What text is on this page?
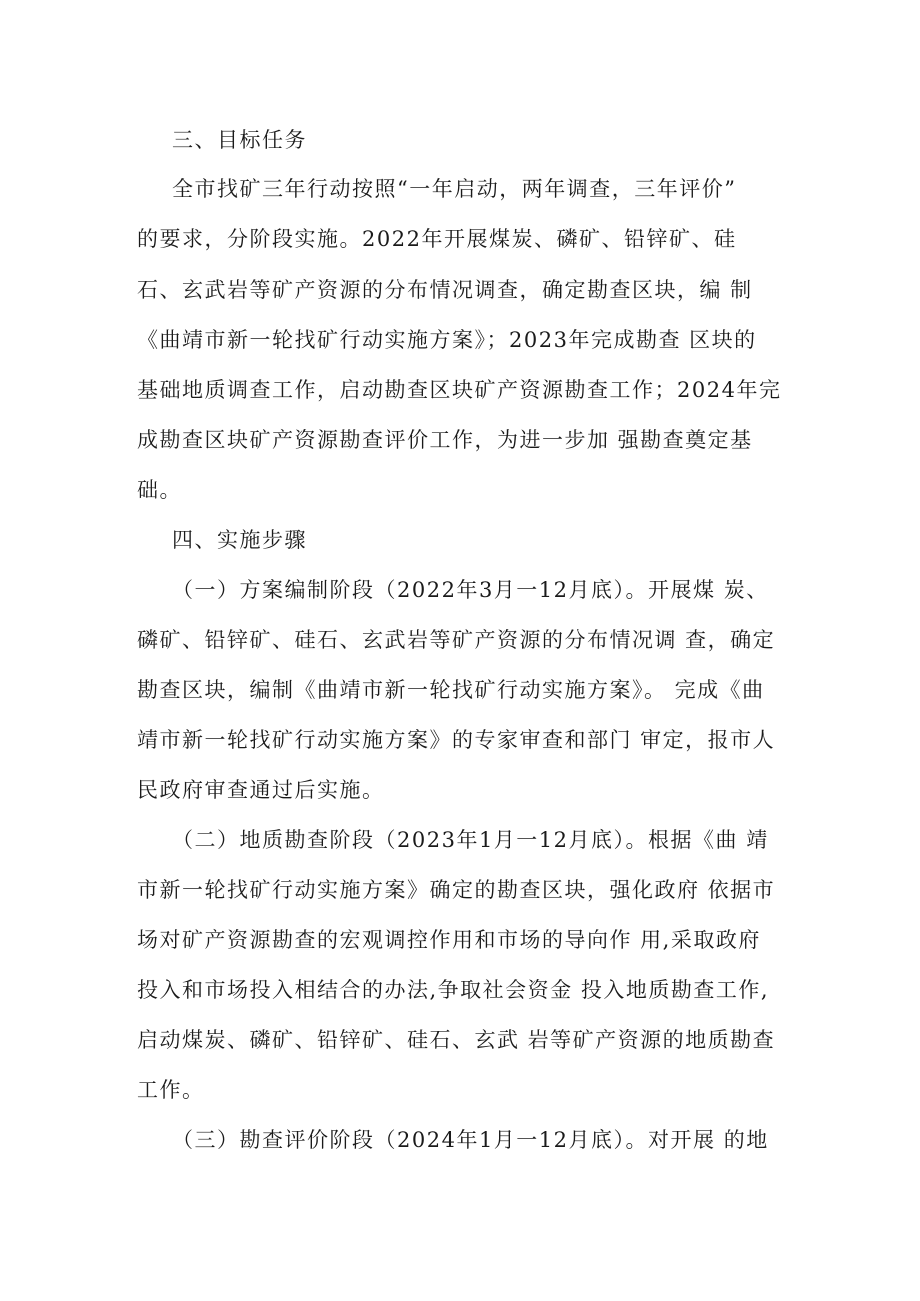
三、目标任务

全市找矿三年行动按照“一年启动，两年调查，三年评价”

的要求，分阶段实施。2022年开展煤炭、磷矿、铅锌矿、硅

石、玄武岩等矿产资源的分布情况调查，确定勘查区块，编 制

《曲靖市新一轮找矿行动实施方案》；2023年完成勘查 区块的

基础地质调查工作，启动勘查区块矿产资源勘查工作；2024年完

成勘查区块矿产资源勘查评价工作，为进一步加 强勘查奠定基

础。

四、实施步骤

（一）方案编制阶段（2022年3月一12月底）。开展煤 炭、

磷矿、铅锌矿、硅石、玄武岩等矿产资源的分布情况调 查，确定

勘查区块，编制《曲靖市新一轮找矿行动实施方案》。 完成《曲

靖市新一轮找矿行动实施方案》的专家审查和部门 审定，报市人

民政府审查通过后实施。

（二）地质勘查阶段（2023年1月一12月底）。根据《曲 靖

市新一轮找矿行动实施方案》确定的勘查区块，强化政府 依据市

场对矿产资源勘查的宏观调控作用和市场的导向作 用,采取政府

投入和市场投入相结合的办法,争取社会资金 投入地质勘查工作,

启动煤炭、磷矿、铅锌矿、硅石、玄武 岩等矿产资源的地质勘查

工作。

（三）勘查评价阶段（2024年1月一12月底）。对开展 的地
